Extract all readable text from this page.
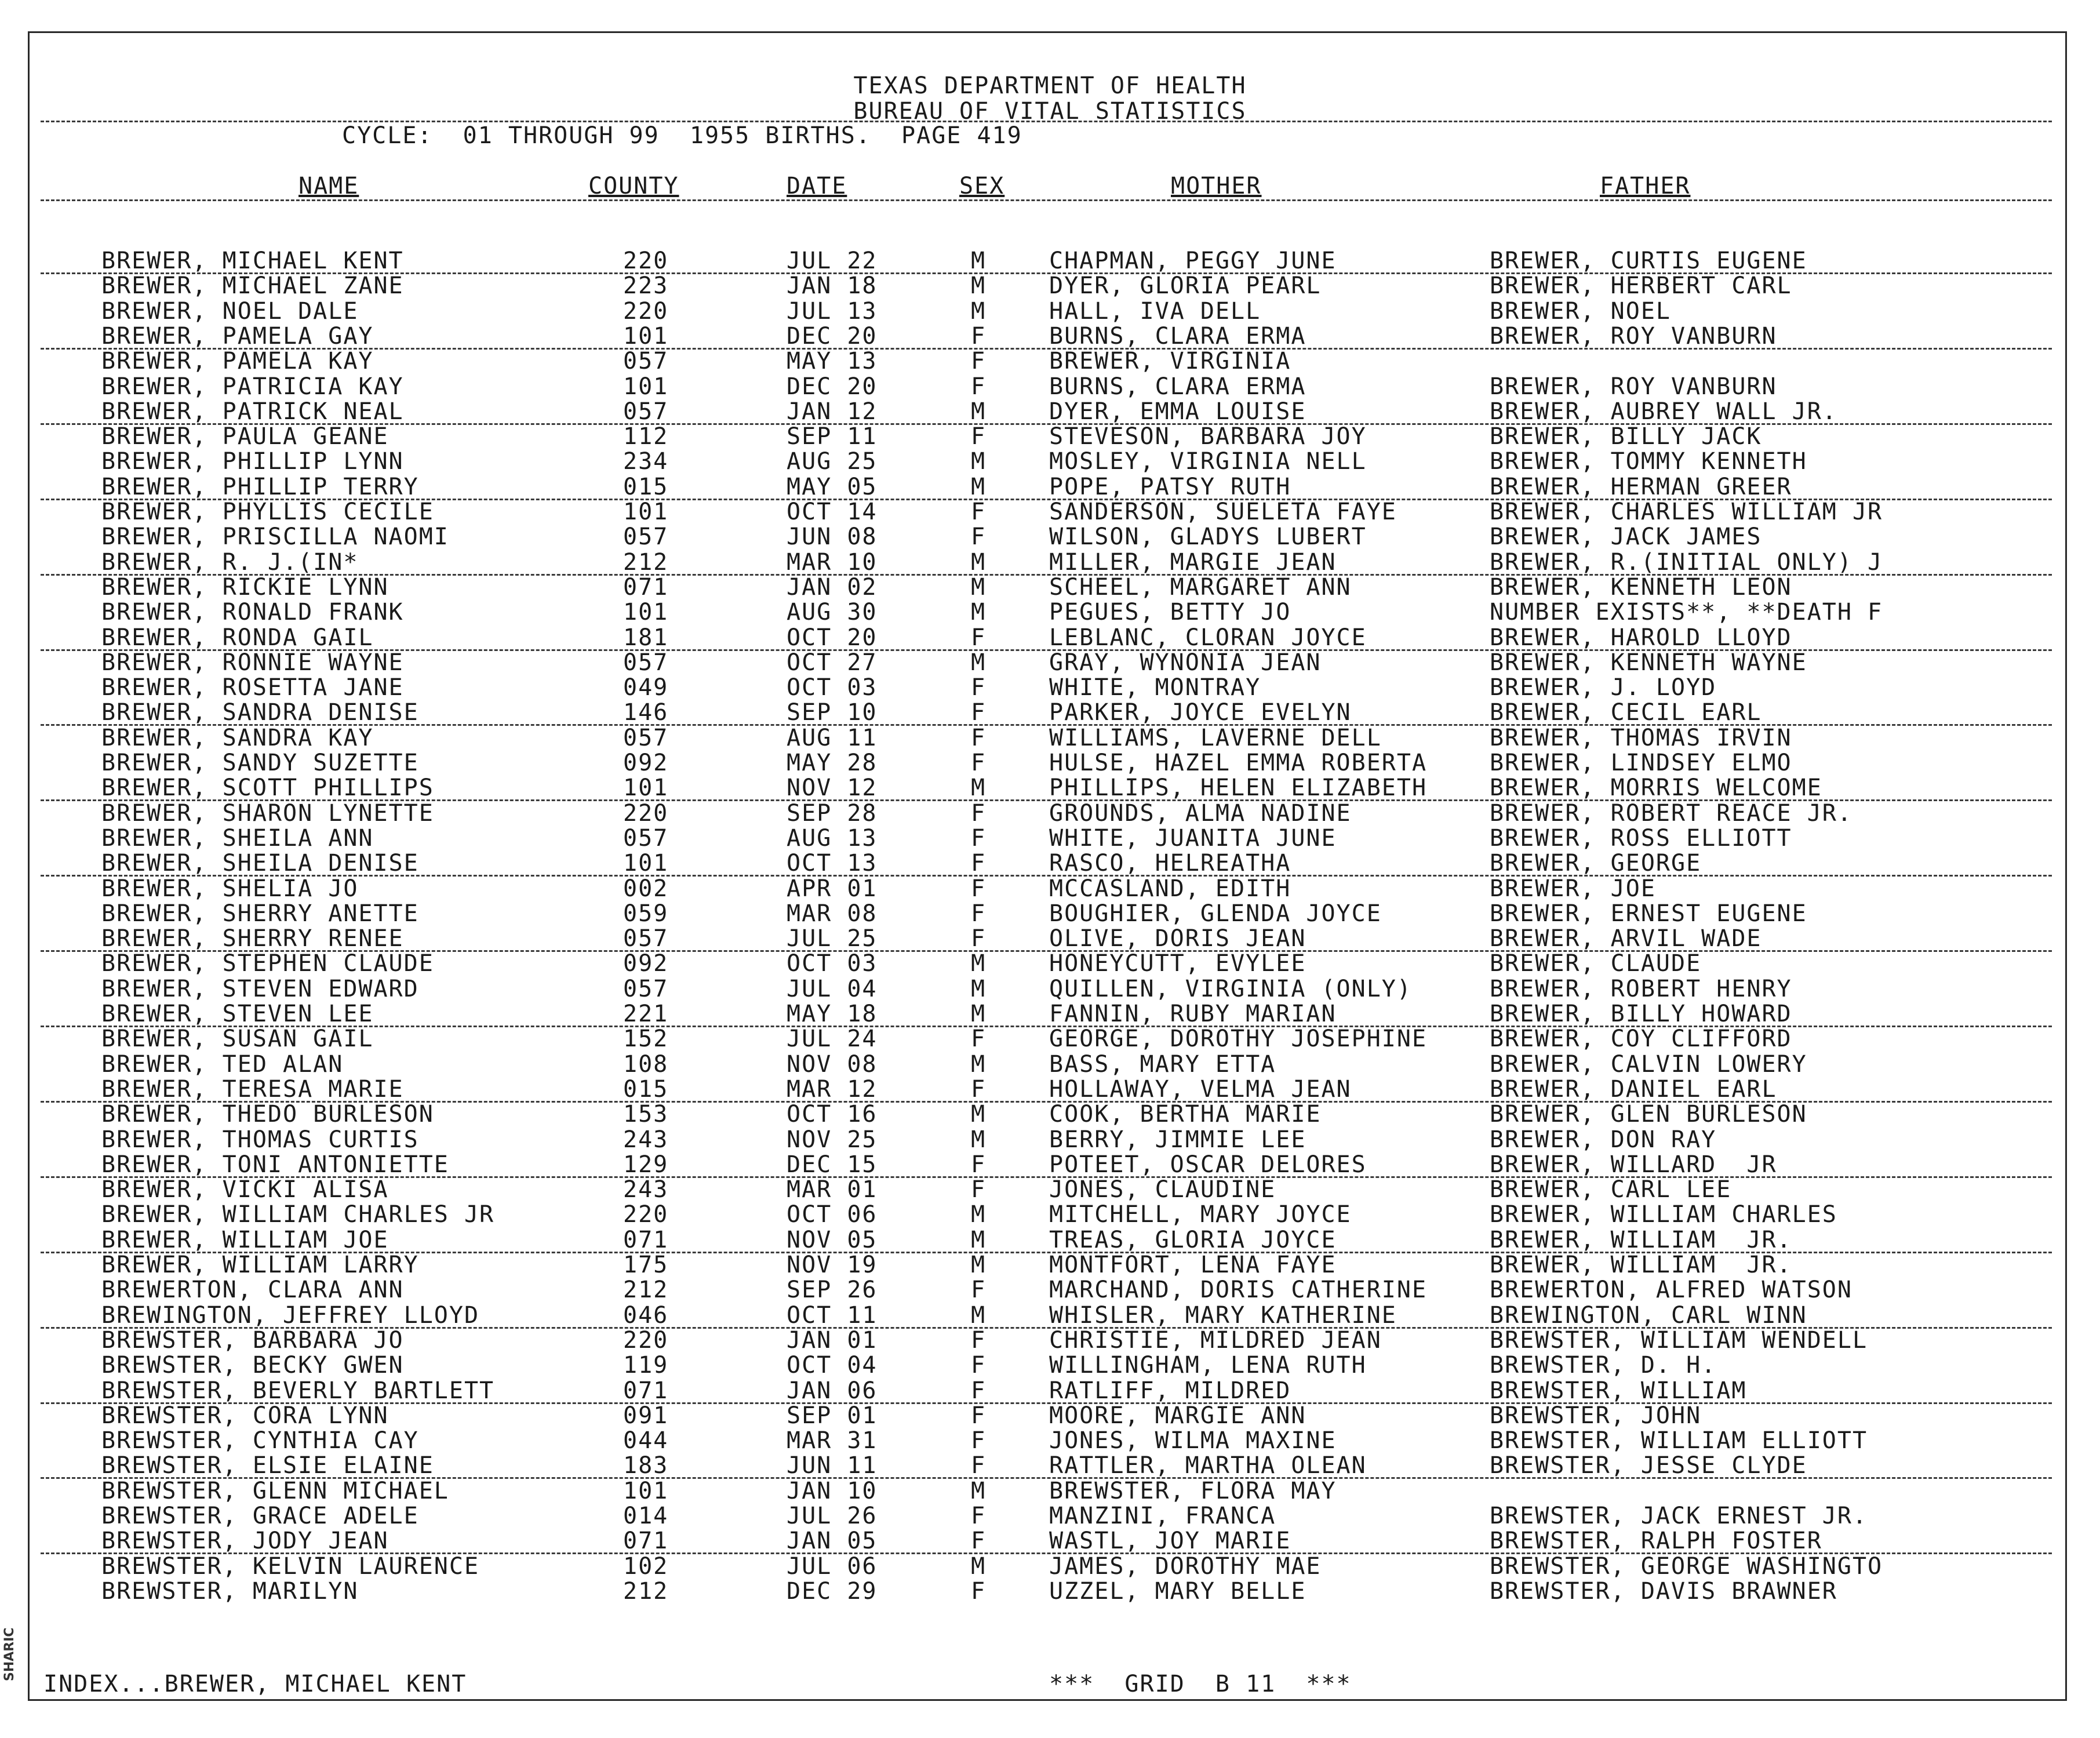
SHARIC
TEXAS DEPARTMENT OF HEALTH
BUREAU OF VITAL STATISTICS
CYCLE:  01 THROUGH 99  1955 BIRTHS.  PAGE 419
NAME	COUNTY	DATE	SEX	MOTHER	FATHER
BREWER, MICHAEL KENT	220	JUL 22	M	CHAPMAN, PEGGY JUNE	BREWER, CURTIS EUGENE
BREWER, MICHAEL ZANE	223	JAN 18	M	DYER, GLORIA PEARL	BREWER, HERBERT CARL
BREWER, NOEL DALE	220	JUL 13	M	HALL, IVA DELL	BREWER, NOEL
BREWER, PAMELA GAY	101	DEC 20	F	BURNS, CLARA ERMA	BREWER, ROY VANBURN
BREWER, PAMELA KAY	057	MAY 13	F	BREWER, VIRGINIA
BREWER, PATRICIA KAY	101	DEC 20	F	BURNS, CLARA ERMA	BREWER, ROY VANBURN
BREWER, PATRICK NEAL	057	JAN 12	M	DYER, EMMA LOUISE	BREWER, AUBREY WALL JR.
BREWER, PAULA GEANE	112	SEP 11	F	STEVESON, BARBARA JOY	BREWER, BILLY JACK
BREWER, PHILLIP LYNN	234	AUG 25	M	MOSLEY, VIRGINIA NELL	BREWER, TOMMY KENNETH
BREWER, PHILLIP TERRY	015	MAY 05	M	POPE, PATSY RUTH	BREWER, HERMAN GREER
BREWER, PHYLLIS CECILE	101	OCT 14	F	SANDERSON, SUELETA FAYE	BREWER, CHARLES WILLIAM JR
BREWER, PRISCILLA NAOMI	057	JUN 08	F	WILSON, GLADYS LUBERT	BREWER, JACK JAMES
BREWER, R. J.(IN*	212	MAR 10	M	MILLER, MARGIE JEAN	BREWER, R.(INITIAL ONLY) J
BREWER, RICKIE LYNN	071	JAN 02	M	SCHEEL, MARGARET ANN	BREWER, KENNETH LEON
BREWER, RONALD FRANK	101	AUG 30	M	PEGUES, BETTY JO	NUMBER EXISTS**, **DEATH F
BREWER, RONDA GAIL	181	OCT 20	F	LEBLANC, CLORAN JOYCE	BREWER, HAROLD LLOYD
BREWER, RONNIE WAYNE	057	OCT 27	M	GRAY, WYNONIA JEAN	BREWER, KENNETH WAYNE
BREWER, ROSETTA JANE	049	OCT 03	F	WHITE, MONTRAY	BREWER, J. LOYD
BREWER, SANDRA DENISE	146	SEP 10	F	PARKER, JOYCE EVELYN	BREWER, CECIL EARL
BREWER, SANDRA KAY	057	AUG 11	F	WILLIAMS, LAVERNE DELL	BREWER, THOMAS IRVIN
BREWER, SANDY SUZETTE	092	MAY 28	F	HULSE, HAZEL EMMA ROBERTA	BREWER, LINDSEY ELMO
BREWER, SCOTT PHILLIPS	101	NOV 12	M	PHILLIPS, HELEN ELIZABETH	BREWER, MORRIS WELCOME
BREWER, SHARON LYNETTE	220	SEP 28	F	GROUNDS, ALMA NADINE	BREWER, ROBERT REACE JR.
BREWER, SHEILA ANN	057	AUG 13	F	WHITE, JUANITA JUNE	BREWER, ROSS ELLIOTT
BREWER, SHEILA DENISE	101	OCT 13	F	RASCO, HELREATHA	BREWER, GEORGE
BREWER, SHELIA JO	002	APR 01	F	MCCASLAND, EDITH	BREWER, JOE
BREWER, SHERRY ANETTE	059	MAR 08	F	BOUGHIER, GLENDA JOYCE	BREWER, ERNEST EUGENE
BREWER, SHERRY RENEE	057	JUL 25	F	OLIVE, DORIS JEAN	BREWER, ARVIL WADE
BREWER, STEPHEN CLAUDE	092	OCT 03	M	HONEYCUTT, EVYLEE	BREWER, CLAUDE
BREWER, STEVEN EDWARD	057	JUL 04	M	QUILLEN, VIRGINIA (ONLY)	BREWER, ROBERT HENRY
BREWER, STEVEN LEE	221	MAY 18	M	FANNIN, RUBY MARIAN	BREWER, BILLY HOWARD
BREWER, SUSAN GAIL	152	JUL 24	F	GEORGE, DOROTHY JOSEPHINE	BREWER, COY CLIFFORD
BREWER, TED ALAN	108	NOV 08	M	BASS, MARY ETTA	BREWER, CALVIN LOWERY
BREWER, TERESA MARIE	015	MAR 12	F	HOLLAWAY, VELMA JEAN	BREWER, DANIEL EARL
BREWER, THEDO BURLESON	153	OCT 16	M	COOK, BERTHA MARIE	BREWER, GLEN BURLESON
BREWER, THOMAS CURTIS	243	NOV 25	M	BERRY, JIMMIE LEE	BREWER, DON RAY
BREWER, TONI ANTONIETTE	129	DEC 15	F	POTEET, OSCAR DELORES	BREWER, WILLARD  JR
BREWER, VICKI ALISA	243	MAR 01	F	JONES, CLAUDINE	BREWER, CARL LEE
BREWER, WILLIAM CHARLES JR	220	OCT 06	M	MITCHELL, MARY JOYCE	BREWER, WILLIAM CHARLES
BREWER, WILLIAM JOE	071	NOV 05	M	TREAS, GLORIA JOYCE	BREWER, WILLIAM  JR.
BREWER, WILLIAM LARRY	175	NOV 19	M	MONTFORT, LENA FAYE	BREWER, WILLIAM  JR.
BREWERTON, CLARA ANN	212	SEP 26	F	MARCHAND, DORIS CATHERINE	BREWERTON, ALFRED WATSON
BREWINGTON, JEFFREY LLOYD	046	OCT 11	M	WHISLER, MARY KATHERINE	BREWINGTON, CARL WINN
BREWSTER, BARBARA JO	220	JAN 01	F	CHRISTIE, MILDRED JEAN	BREWSTER, WILLIAM WENDELL
BREWSTER, BECKY GWEN	119	OCT 04	F	WILLINGHAM, LENA RUTH	BREWSTER, D. H.
BREWSTER, BEVERLY BARTLETT	071	JAN 06	F	RATLIFF, MILDRED	BREWSTER, WILLIAM
BREWSTER, CORA LYNN	091	SEP 01	F	MOORE, MARGIE ANN	BREWSTER, JOHN
BREWSTER, CYNTHIA CAY	044	MAR 31	F	JONES, WILMA MAXINE	BREWSTER, WILLIAM ELLIOTT
BREWSTER, ELSIE ELAINE	183	JUN 11	F	RATTLER, MARTHA OLEAN	BREWSTER, JESSE CLYDE
BREWSTER, GLENN MICHAEL	101	JAN 10	M	BREWSTER, FLORA MAY
BREWSTER, GRACE ADELE	014	JUL 26	F	MANZINI, FRANCA	BREWSTER, JACK ERNEST JR.
BREWSTER, JODY JEAN	071	JAN 05	F	WASTL, JOY MARIE	BREWSTER, RALPH FOSTER
BREWSTER, KELVIN LAURENCE	102	JUL 06	M	JAMES, DOROTHY MAE	BREWSTER, GEORGE WASHINGTO
BREWSTER, MARILYN	212	DEC 29	F	UZZEL, MARY BELLE	BREWSTER, DAVIS BRAWNER
INDEX...BREWER, MICHAEL KENT	***  GRID  B 11  ***
